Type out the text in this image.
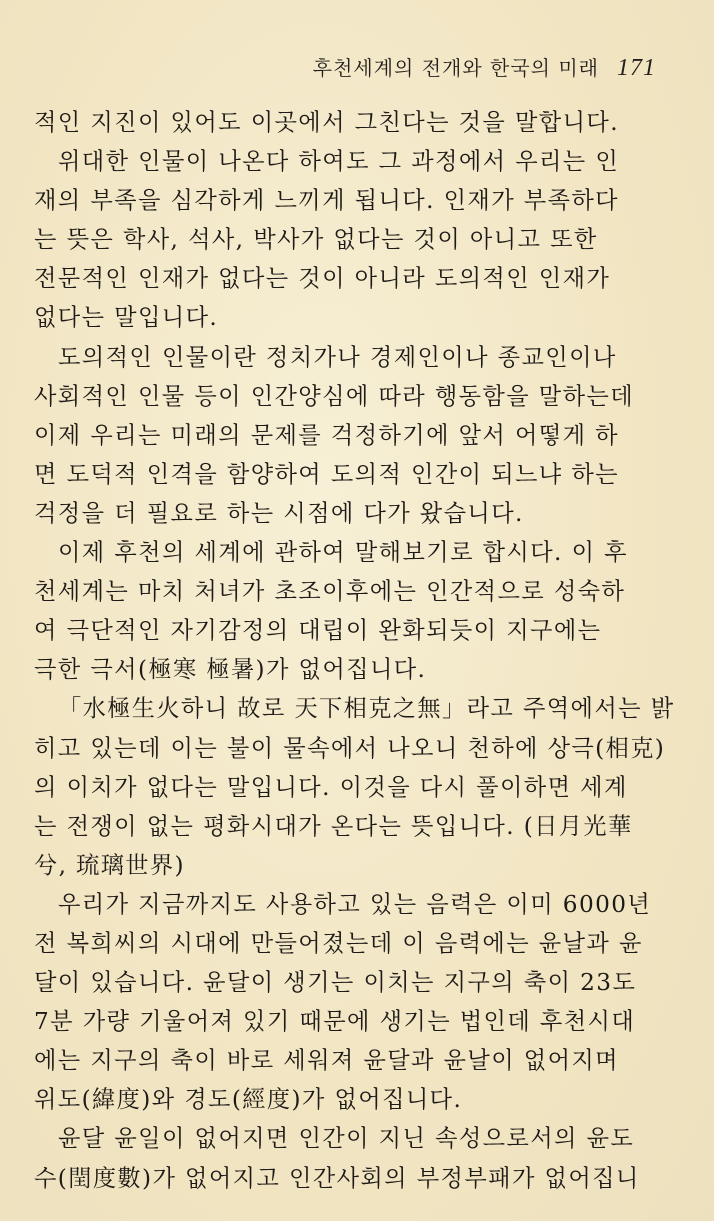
후천세계의 전개와 한국의 미래 171
적인 지진이 있어도 이곳에서 그친다는 것을 말합니다.
위대한 인물이 나온다 하여도 그 과정에서 우리는 인
재의 부족을 심각하게 느끼게 됩니다. 인재가 부족하다
는 뜻은 학사, 석사, 박사가 없다는 것이 아니고 또한
전문적인 인재가 없다는 것이 아니라 도의적인 인재가
없다는 말입니다.
도의적인 인물이란 정치가나 경제인이나 종교인이나
사회적인 인물 등이 인간양심에 따라 행동함을 말하는데
이제 우리는 미래의 문제를 걱정하기에 앞서 어떻게 하
면 도덕적 인격을 함양하여 도의적 인간이 되느냐 하는
걱정을 더 필요로 하는 시점에 다가 왔습니다.
이제 후천의 세계에 관하여 말해보기로 합시다. 이 후
천세계는 마치 처녀가 초조이후에는 인간적으로 성숙하
여 극단적인 자기감정의 대립이 완화되듯이 지구에는
극한 극서(極寒 極暑)가 없어집니다.
「水極生火하니 故로 天下相克之無」라고 주역에서는 밝
히고 있는데 이는 불이 물속에서 나오니 천하에 상극(相克)
의 이치가 없다는 말입니다. 이것을 다시 풀이하면 세계
는 전쟁이 없는 평화시대가 온다는 뜻입니다. (日月光華
兮, 琉璃世界)
우리가 지금까지도 사용하고 있는 음력은 이미 6000년
전 복희씨의 시대에 만들어졌는데 이 음력에는 윤날과 윤
달이 있습니다. 윤달이 생기는 이치는 지구의 축이 23도
7분 가량 기울어져 있기 때문에 생기는 법인데 후천시대
에는 지구의 축이 바로 세워져 윤달과 윤날이 없어지며
위도(緯度)와 경도(經度)가 없어집니다.
윤달 윤일이 없어지면 인간이 지닌 속성으로서의 윤도
수(閏度數)가 없어지고 인간사회의 부정부패가 없어집니
